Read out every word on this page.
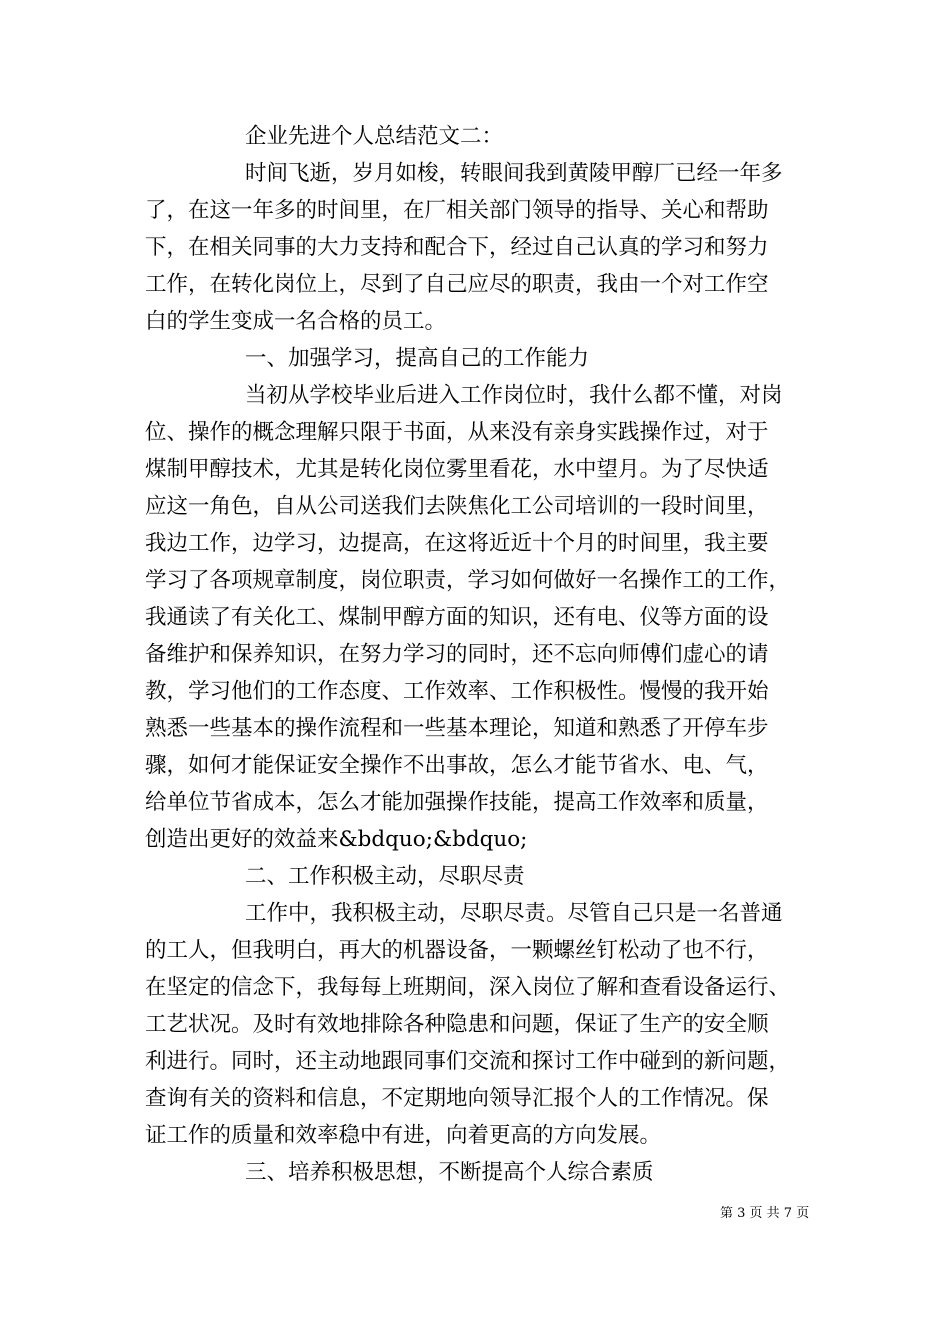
企业先进个人总结范文二：
时间飞逝，岁月如梭，转眼间我到黄陵甲醇厂已经一年多
了，在这一年多的时间里，在厂相关部门领导的指导、关心和帮助
下，在相关同事的大力支持和配合下，经过自己认真的学习和努力
工作，在转化岗位上，尽到了自己应尽的职责，我由一个对工作空
白的学生变成一名合格的员工。
一、加强学习，提高自己的工作能力
当初从学校毕业后进入工作岗位时，我什么都不懂，对岗
位、操作的概念理解只限于书面，从来没有亲身实践操作过，对于
煤制甲醇技术，尤其是转化岗位雾里看花，水中望月。为了尽快适
应这一角色，自从公司送我们去陕焦化工公司培训的一段时间里，
我边工作，边学习，边提高，在这将近近十个月的时间里，我主要
学习了各项规章制度，岗位职责，学习如何做好一名操作工的工作，
我通读了有关化工、煤制甲醇方面的知识，还有电、仪等方面的设
备维护和保养知识，在努力学习的同时，还不忘向师傅们虚心的请
教，学习他们的工作态度、工作效率、工作积极性。慢慢的我开始
熟悉一些基本的操作流程和一些基本理论，知道和熟悉了开停车步
骤，如何才能保证安全操作不出事故，怎么才能节省水、电、气，
给单位节省成本，怎么才能加强操作技能，提高工作效率和质量，
创造出更好的效益来&bdquo;&bdquo;
二、工作积极主动，尽职尽责
工作中，我积极主动，尽职尽责。尽管自己只是一名普通
的工人，但我明白，再大的机器设备，一颗螺丝钉松动了也不行，
在坚定的信念下，我每每上班期间，深入岗位了解和查看设备运行、
工艺状况。及时有效地排除各种隐患和问题，保证了生产的安全顺
利进行。同时，还主动地跟同事们交流和探讨工作中碰到的新问题，
查询有关的资料和信息，不定期地向领导汇报个人的工作情况。保
证工作的质量和效率稳中有进，向着更高的方向发展。
三、培养积极思想，不断提高个人综合素质
第 3 页 共 7 页
